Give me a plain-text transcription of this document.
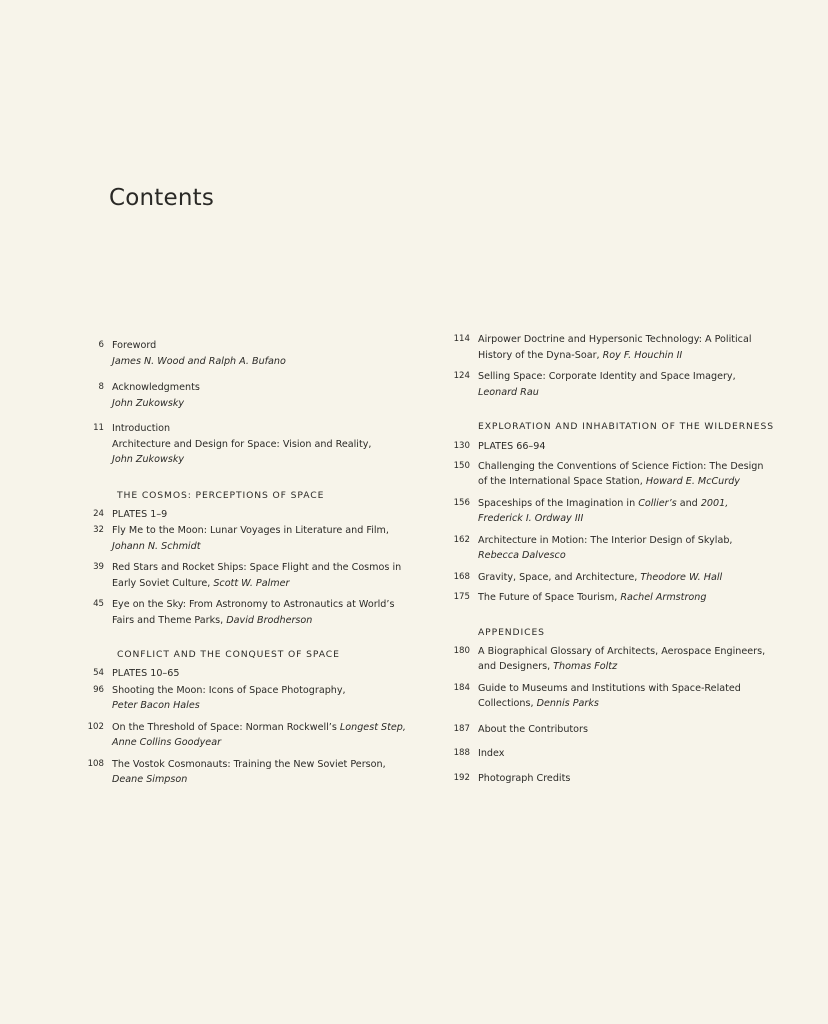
Contents
6 Foreword
James N. Wood and Ralph A. Bufano
8 Acknowledgments
John Zukowsky
11 Introduction
Architecture and Design for Space: Vision and Reality,
John Zukowsky
THE COSMOS: PERCEPTIONS OF SPACE
24 PLATES 1–9
32 Fly Me to the Moon: Lunar Voyages in Literature and Film,
Johann N. Schmidt
39 Red Stars and Rocket Ships: Space Flight and the Cosmos in
Early Soviet Culture, Scott W. Palmer
45 Eye on the Sky: From Astronomy to Astronautics at World’s
Fairs and Theme Parks, David Brodherson
CONFLICT AND THE CONQUEST OF SPACE
54 PLATES 10–65
96 Shooting the Moon: Icons of Space Photography,
Peter Bacon Hales
102 On the Threshold of Space: Norman Rockwell’s Longest Step,
Anne Collins Goodyear
108 The Vostok Cosmonauts: Training the New Soviet Person,
Deane Simpson
114 Airpower Doctrine and Hypersonic Technology: A Political
History of the Dyna-Soar, Roy F. Houchin II
124 Selling Space: Corporate Identity and Space Imagery,
Leonard Rau
EXPLORATION AND INHABITATION OF THE WILDERNESS
130 PLATES 66–94
150 Challenging the Conventions of Science Fiction: The Design
of the International Space Station, Howard E. McCurdy
156 Spaceships of the Imagination in Collier’s and 2001,
Frederick I. Ordway III
162 Architecture in Motion: The Interior Design of Skylab,
Rebecca Dalvesco
168 Gravity, Space, and Architecture, Theodore W. Hall
175 The Future of Space Tourism, Rachel Armstrong
APPENDICES
180 A Biographical Glossary of Architects, Aerospace Engineers,
and Designers, Thomas Foltz
184 Guide to Museums and Institutions with Space-Related
Collections, Dennis Parks
187 About the Contributors
188 Index
192 Photograph Credits
